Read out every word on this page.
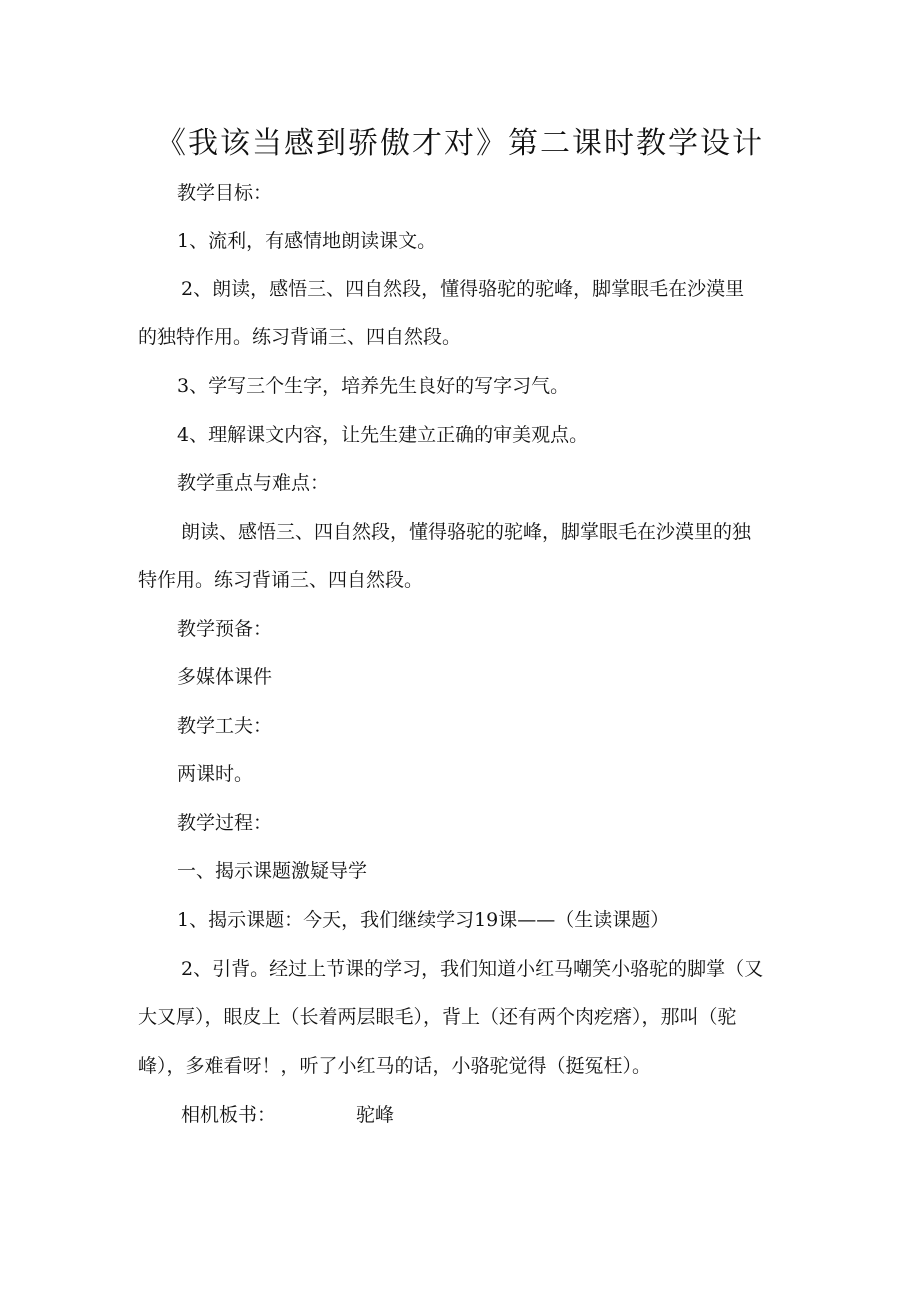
《我该当感到骄傲才对》第二课时教学设计
教学目标：
1、流利，有感情地朗读课文。
2、朗读，感悟三、四自然段，懂得骆驼的驼峰，脚掌眼毛在沙漠里
的独特作用。练习背诵三、四自然段。
3、学写三个生字，培养先生良好的写字习气。
4、理解课文内容，让先生建立正确的审美观点。
教学重点与难点：
朗读、感悟三、四自然段，懂得骆驼的驼峰，脚掌眼毛在沙漠里的独
特作用。练习背诵三、四自然段。
教学预备：
多媒体课件
教学工夫：
两课时。
教学过程：
一、揭示课题激疑导学
1、揭示课题：今天，我们继续学习19课——（生读课题）
2、引背。经过上节课的学习，我们知道小红马嘲笑小骆驼的脚掌（又
大又厚），眼皮上（长着两层眼毛），背上（还有两个肉疙瘩），那叫（驼
峰），多难看呀！，听了小红马的话，小骆驼觉得（挺冤枉）。
相机板书：	驼峰
